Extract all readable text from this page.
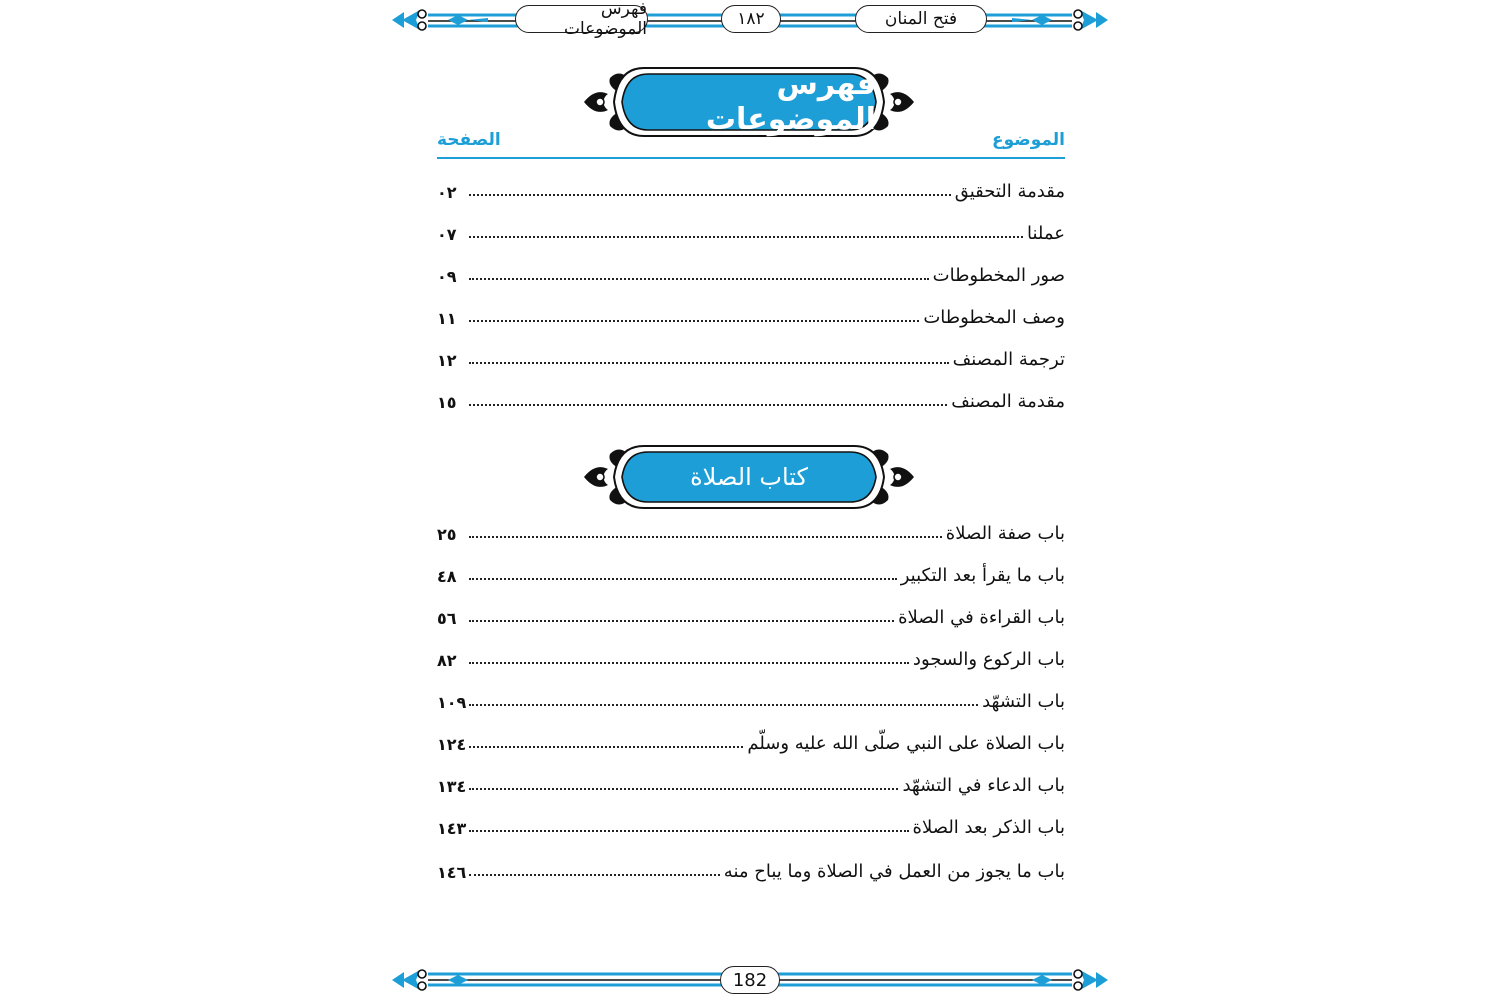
فتح المنان
١٨٢
فهرس الموضوعات
فهرس الموضوعات
الموضوع
الصفحة
مقدمة التحقيق
٠٢
عملنا
٠٧
صور المخطوطات
٠٩
وصف المخطوطات
١١
ترجمة المصنف
١٢
مقدمة المصنف
١٥
كتاب الصلاة
باب صفة الصلاة
٢٥
باب ما يقرأ بعد التكبير
٤٨
باب القراءة في الصلاة
٥٦
باب الركوع والسجود
٨٢
باب التشهّد
١٠٩
باب الصلاة على النبي صلّى الله عليه وسلّم
١٢٤
باب الدعاء في التشهّد
١٣٤
باب الذكر بعد الصلاة
١٤٣
باب ما يجوز من العمل في الصلاة وما يباح منه
١٤٦
182
